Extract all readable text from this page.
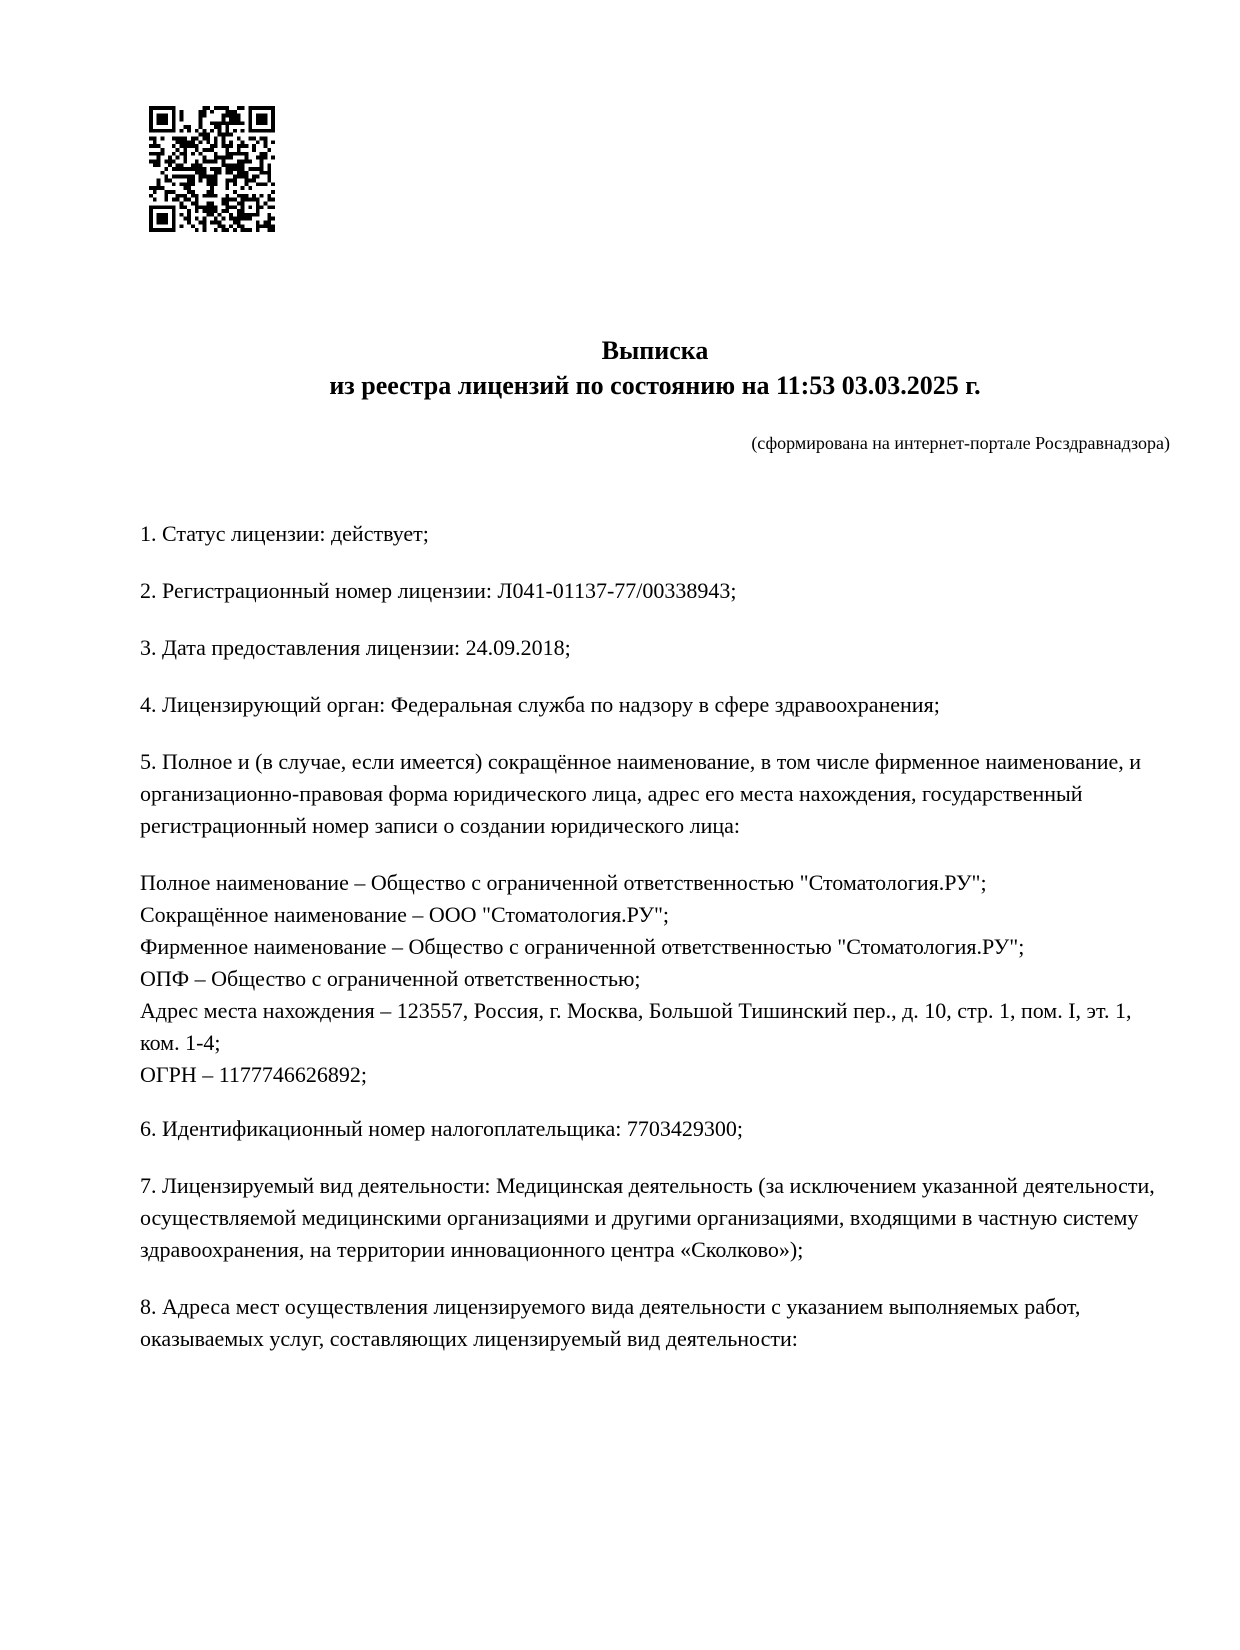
Выписка
из реестра лицензий по состоянию на 11:53 03.03.2025 г.
(сформирована на интернет-портале Росздравнадзора)

1. Статус лицензии: действует;

2. Регистрационный номер лицензии: Л041-01137-77/00338943;

3. Дата предоставления лицензии: 24.09.2018;

4. Лицензирующий орган: Федеральная служба по надзору в сфере здравоохранения;

5. Полное и (в случае, если имеется) сокращённое наименование, в том числе фирменное наименование, и организационно-правовая форма юридического лица, адрес его места нахождения, государственный регистрационный номер записи о создании юридического лица:

Полное наименование – Общество с ограниченной ответственностью "Стоматология.РУ";
Сокращённое наименование – ООО "Стоматология.РУ";
Фирменное наименование – Общество с ограниченной ответственностью "Стоматология.РУ";
ОПФ – Общество с ограниченной ответственностью;
Адрес места нахождения – 123557, Россия, г. Москва, Большой Тишинский пер., д. 10, стр. 1, пом. I, эт. 1, ком. 1-4;
ОГРН – 1177746626892;

6. Идентификационный номер налогоплательщика: 7703429300;

7. Лицензируемый вид деятельности: Медицинская деятельность (за исключением указанной деятельности, осуществляемой медицинскими организациями и другими организациями, входящими в частную систему здравоохранения, на территории инновационного центра «Сколково»);

8. Адреса мест осуществления лицензируемого вида деятельности с указанием выполняемых работ, оказываемых услуг, составляющих лицензируемый вид деятельности:
